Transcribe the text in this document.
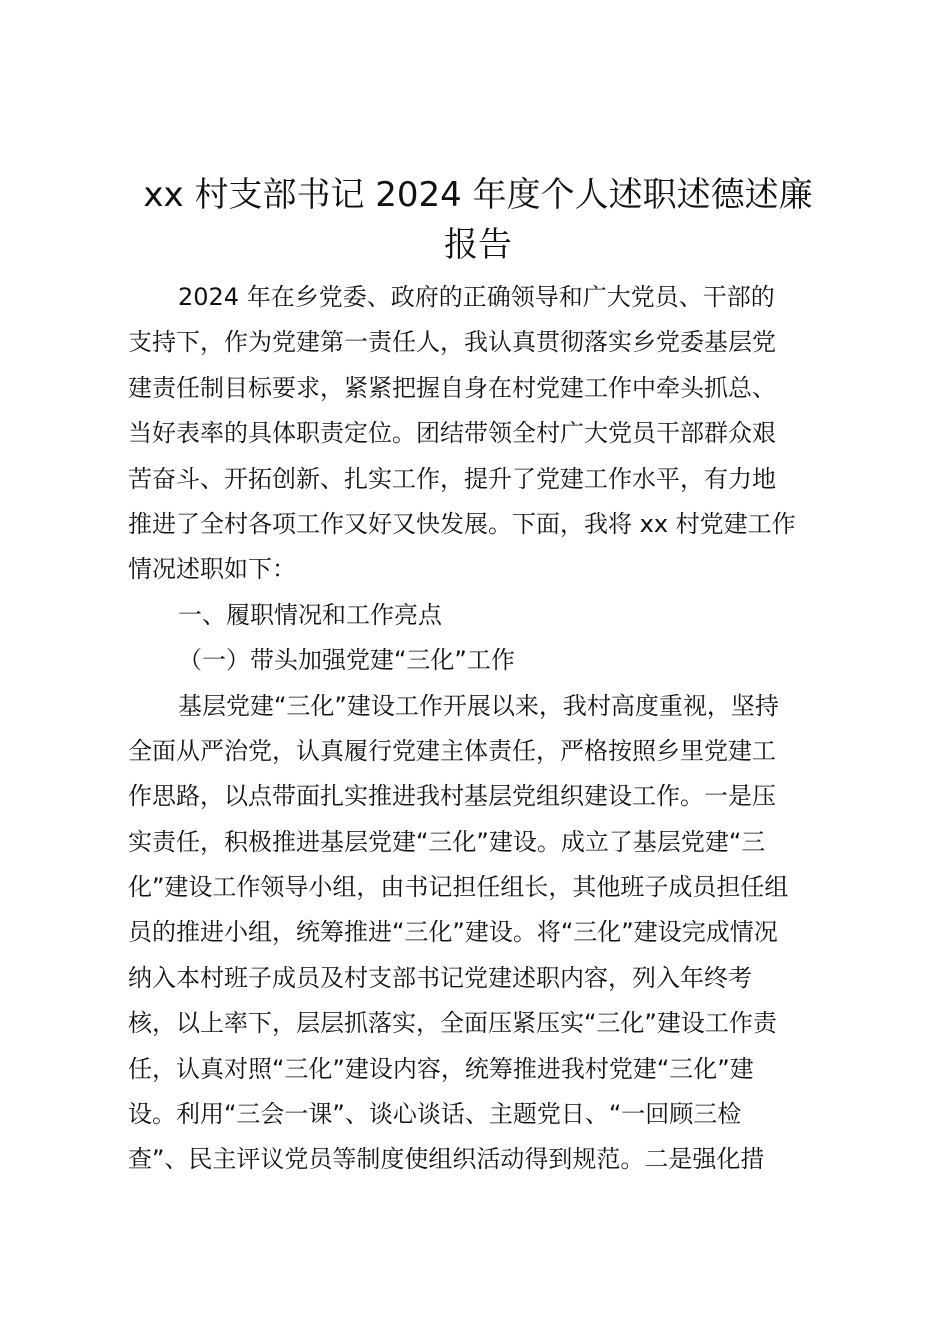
xx 村支部书记 2024 年度个人述职述德述廉
报告
2024 年在乡党委、政府的正确领导和广大党员、干部的
支持下，作为党建第一责任人，我认真贯彻落实乡党委基层党
建责任制目标要求，紧紧把握自身在村党建工作中牵头抓总、
当好表率的具体职责定位。团结带领全村广大党员干部群众艰
苦奋斗、开拓创新、扎实工作，提升了党建工作水平，有力地
推进了全村各项工作又好又快发展。下面，我将 xx 村党建工作
情况述职如下：
一、履职情况和工作亮点
（一）带头加强党建“三化”工作
基层党建“三化”建设工作开展以来，我村高度重视，坚持
全面从严治党，认真履行党建主体责任，严格按照乡里党建工
作思路，以点带面扎实推进我村基层党组织建设工作。一是压
实责任，积极推进基层党建“三化”建设。成立了基层党建“三
化”建设工作领导小组，由书记担任组长，其他班子成员担任组
员的推进小组，统筹推进“三化”建设。将“三化”建设完成情况
纳入本村班子成员及村支部书记党建述职内容，列入年终考
核，以上率下，层层抓落实，全面压紧压实“三化”建设工作责
任，认真对照“三化”建设内容，统筹推进我村党建“三化”建
设。利用“三会一课”、谈心谈话、主题党日、“一回顾三检
查”、民主评议党员等制度使组织活动得到规范。二是强化措
